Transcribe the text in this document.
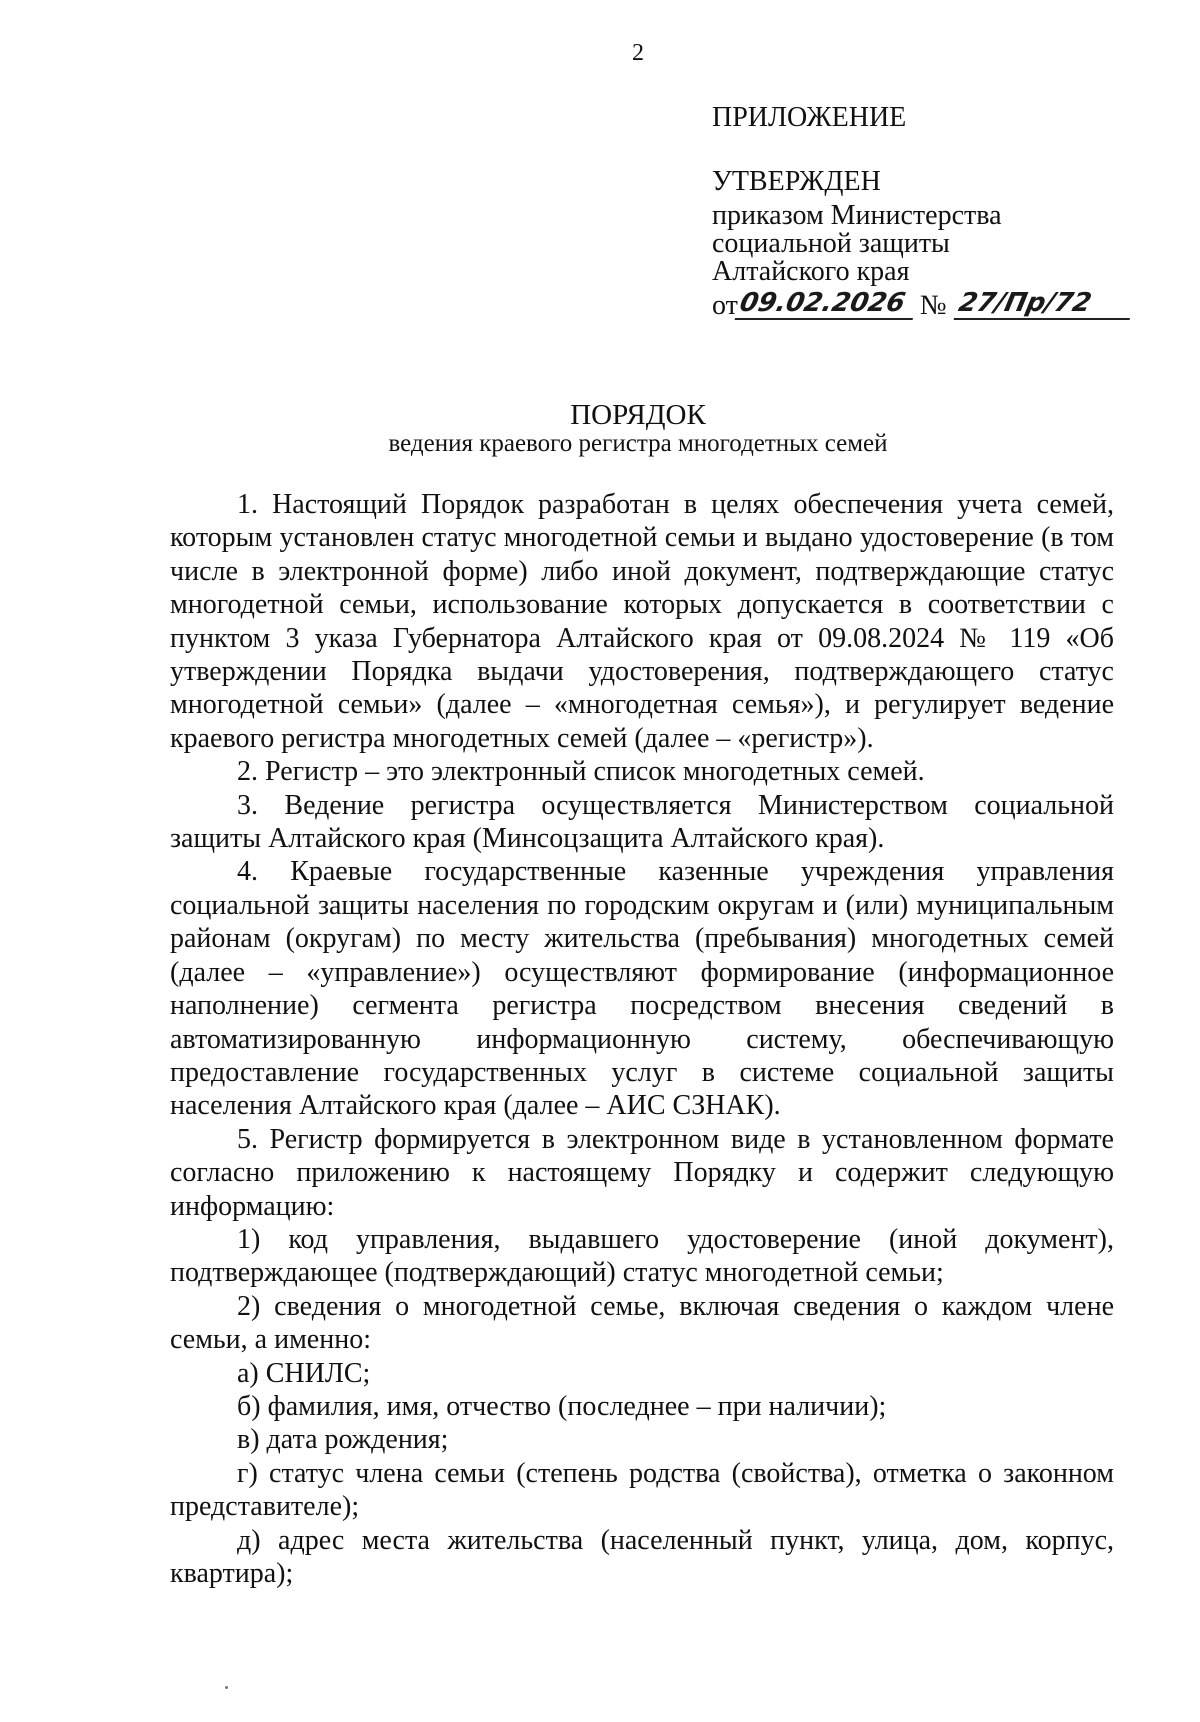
2
ПРИЛОЖЕНИЕ
УТВЕРЖДЕН
приказом Министерства
социальной защиты
Алтайского края
от 09.02.2026 № 27/Пр/72
ПОРЯДОК
ведения краевого регистра многодетных семей

1. Настоящий Порядок разработан в целях обеспечения учета семей, которым установлен статус многодетной семьи и выдано удостоверение (в том числе в электронной форме) либо иной документ, подтверждающие статус многодетной семьи, использование которых допускается в соответствии с пунктом 3 указа Губернатора Алтайского края от 09.08.2024 № 119 «Об утверждении Порядка выдачи удостоверения, подтверждающего статус многодетной семьи» (далее – «многодетная семья»), и регулирует ведение краевого регистра многодетных семей (далее – «регистр»).

2. Регистр – это электронный список многодетных семей.

3. Ведение регистра осуществляется Министерством социальной защиты Алтайского края (Минсоцзащита Алтайского края).

4. Краевые государственные казенные учреждения управления социальной защиты населения по городским округам и (или) муниципальным районам (округам) по месту жительства (пребывания) многодетных семей (далее – «управление») осуществляют формирование (информационное наполнение) сегмента регистра посредством внесения сведений в автоматизированную информационную систему, обеспечивающую предоставление государственных услуг в системе социальной защиты населения Алтайского края (далее – АИС СЗНАК).

5. Регистр формируется в электронном виде в установленном формате согласно приложению к настоящему Порядку и содержит следующую информацию:

1) код управления, выдавшего удостоверение (иной документ), подтверждающее (подтверждающий) статус многодетной семьи;

2) сведения о многодетной семье, включая сведения о каждом члене семьи, а именно:

а) СНИЛС;

б) фамилия, имя, отчество (последнее – при наличии);

в) дата рождения;

г) статус члена семьи (степень родства (свойства), отметка о законном представителе);

д) адрес места жительства (населенный пункт, улица, дом, корпус, квартира);
